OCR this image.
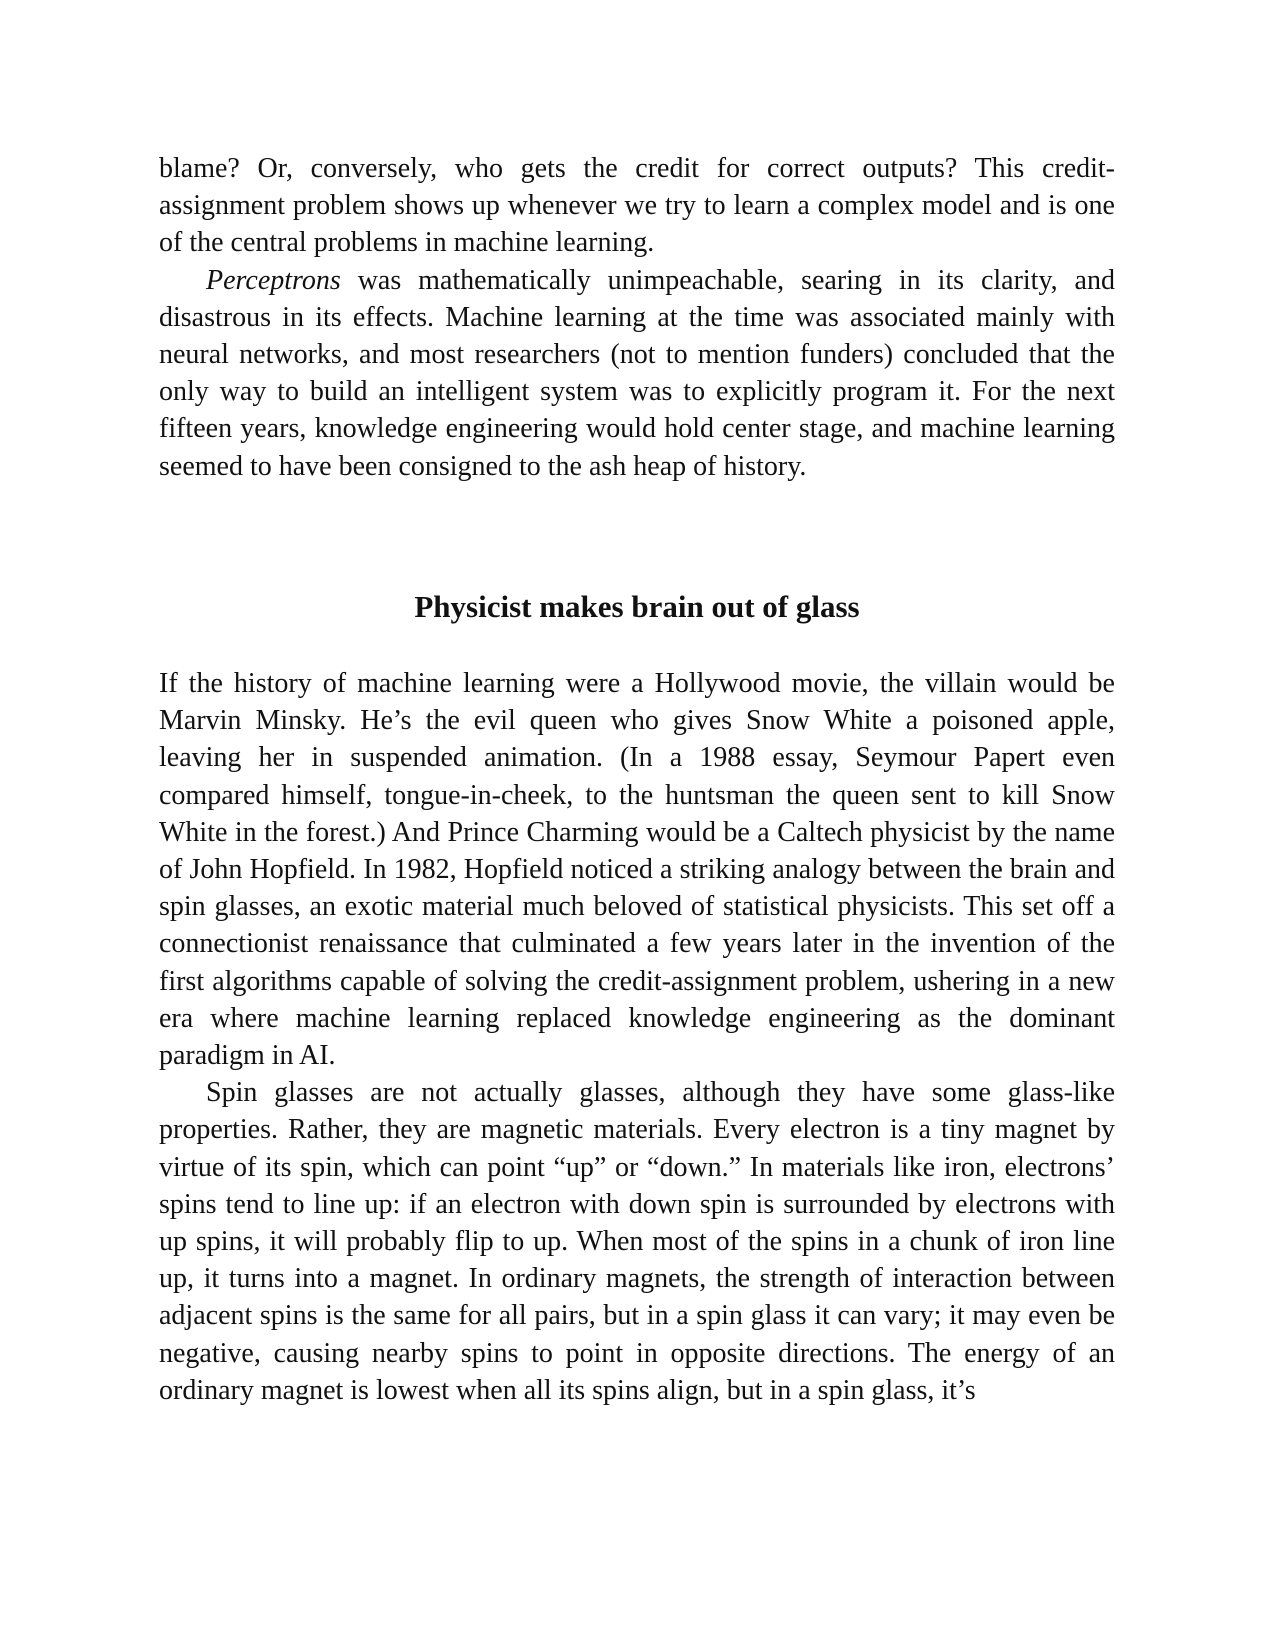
blame? Or, conversely, who gets the credit for correct outputs? This credit-assignment problem shows up whenever we try to learn a complex model and is one of the central problems in machine learning.

Perceptrons was mathematically unimpeachable, searing in its clarity, and disastrous in its effects. Machine learning at the time was associated mainly with neural networks, and most researchers (not to mention funders) concluded that the only way to build an intelligent system was to explicitly program it. For the next fifteen years, knowledge engineering would hold center stage, and machine learning seemed to have been consigned to the ash heap of history.

Physicist makes brain out of glass

If the history of machine learning were a Hollywood movie, the villain would be Marvin Minsky. He’s the evil queen who gives Snow White a poisoned apple, leaving her in suspended animation. (In a 1988 essay, Seymour Papert even compared himself, tongue-in-cheek, to the huntsman the queen sent to kill Snow White in the forest.) And Prince Charming would be a Caltech physicist by the name of John Hopfield. In 1982, Hopfield noticed a striking analogy between the brain and spin glasses, an exotic material much beloved of statistical physicists. This set off a connectionist renaissance that culminated a few years later in the invention of the first algorithms capable of solving the credit-assignment problem, ushering in a new era where machine learning replaced knowledge engineering as the dominant paradigm in AI.

Spin glasses are not actually glasses, although they have some glass-like properties. Rather, they are magnetic materials. Every electron is a tiny magnet by virtue of its spin, which can point “up” or “down.” In materials like iron, electrons’ spins tend to line up: if an electron with down spin is surrounded by electrons with up spins, it will probably flip to up. When most of the spins in a chunk of iron line up, it turns into a magnet. In ordinary magnets, the strength of interaction between adjacent spins is the same for all pairs, but in a spin glass it can vary; it may even be negative, causing nearby spins to point in opposite directions. The energy of an ordinary magnet is lowest when all its spins align, but in a spin glass, it’s
